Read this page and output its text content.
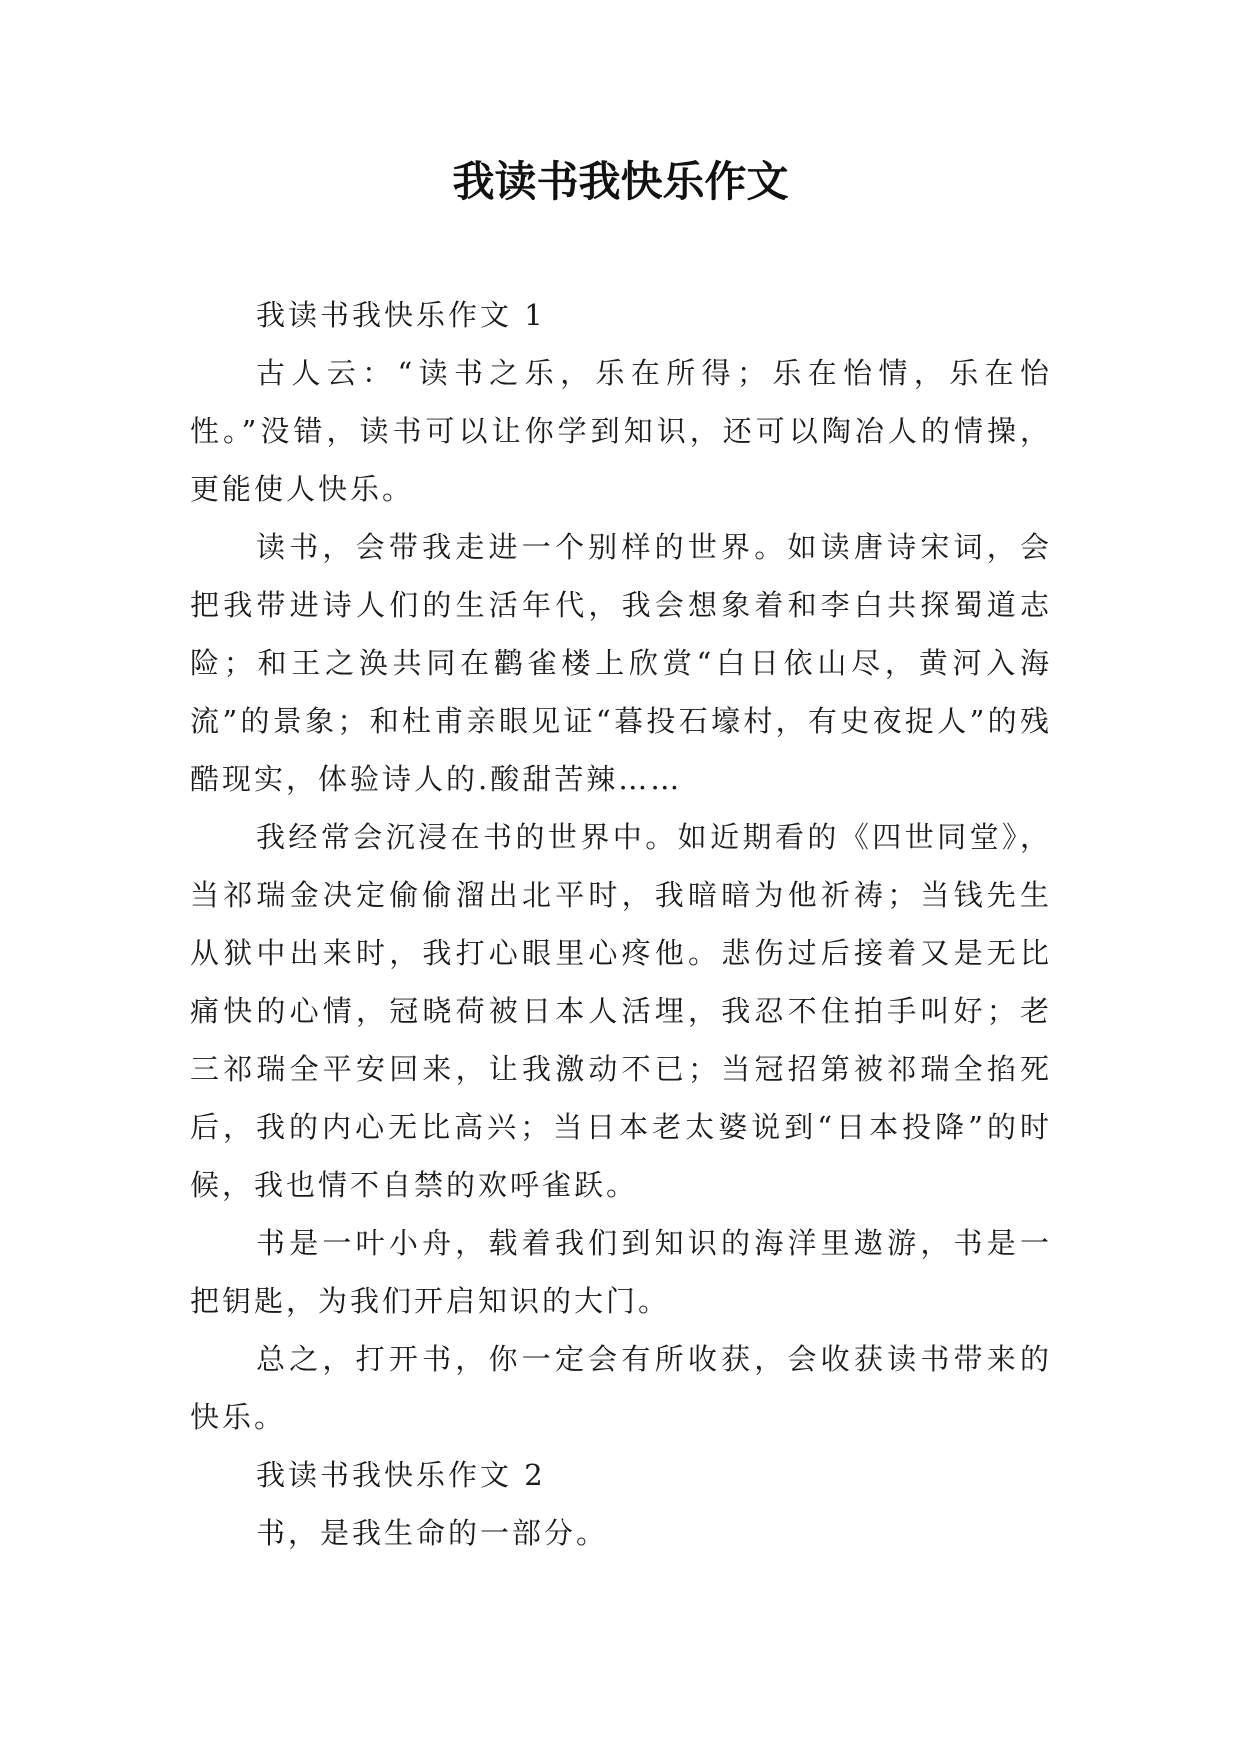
我读书我快乐作文

我读书我快乐作文 1

古人云：“读书之乐，乐在所得；乐在怡情，乐在怡性。”没错，读书可以让你学到知识，还可以陶冶人的情操，更能使人快乐。

读书，会带我走进一个别样的世界。如读唐诗宋词，会把我带进诗人们的生活年代，我会想象着和李白共探蜀道志险；和王之涣共同在鹳雀楼上欣赏“白日依山尽，黄河入海流”的景象；和杜甫亲眼见证“暮投石壕村，有史夜捉人”的残酷现实，体验诗人的.酸甜苦辣……

我经常会沉浸在书的世界中。如近期看的《四世同堂》，当祁瑞金决定偷偷溜出北平时，我暗暗为他祈祷；当钱先生从狱中出来时，我打心眼里心疼他。悲伤过后接着又是无比痛快的心情，冠晓荷被日本人活埋，我忍不住拍手叫好；老三祁瑞全平安回来，让我激动不已；当冠招第被祁瑞全掐死后，我的内心无比高兴；当日本老太婆说到“日本投降”的时候，我也情不自禁的欢呼雀跃。

书是一叶小舟，载着我们到知识的海洋里遨游，书是一把钥匙，为我们开启知识的大门。

总之，打开书，你一定会有所收获，会收获读书带来的快乐。

我读书我快乐作文 2

书，是我生命的一部分。
